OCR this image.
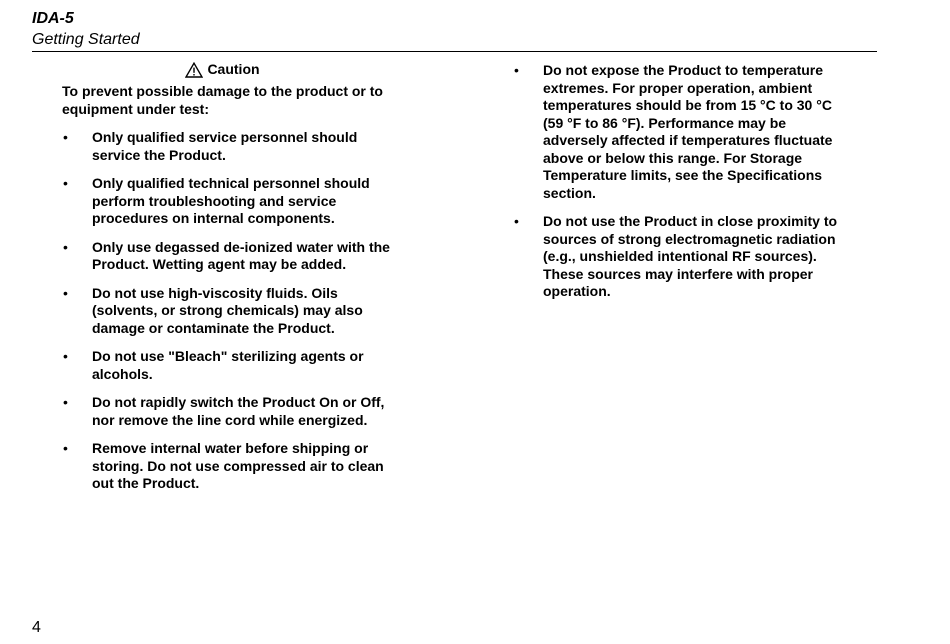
IDA-5
Getting Started
Caution

To prevent possible damage to the product or to equipment under test:

•	Only qualified service personnel should service the Product.
•	Only qualified technical personnel should perform troubleshooting and service procedures on internal components.
•	Only use degassed de-ionized water with the Product. Wetting agent may be added.
•	Do not use high-viscosity fluids. Oils (solvents, or strong chemicals) may also damage or contaminate the Product.
•	Do not use "Bleach" sterilizing agents or alcohols.
•	Do not rapidly switch the Product On or Off, nor remove the line cord while energized.
•	Remove internal water before shipping or storing. Do not use compressed air to clean out the Product.
•	Do not expose the Product to temperature extremes. For proper operation, ambient temperatures should be from 15 °C to 30 °C (59 °F to 86 °F). Performance may be adversely affected if temperatures fluctuate above or below this range. For Storage Temperature limits, see the Specifications section.
•	Do not use the Product in close proximity to sources of strong electromagnetic radiation (e.g., unshielded intentional RF sources). These sources may interfere with proper operation.
4
